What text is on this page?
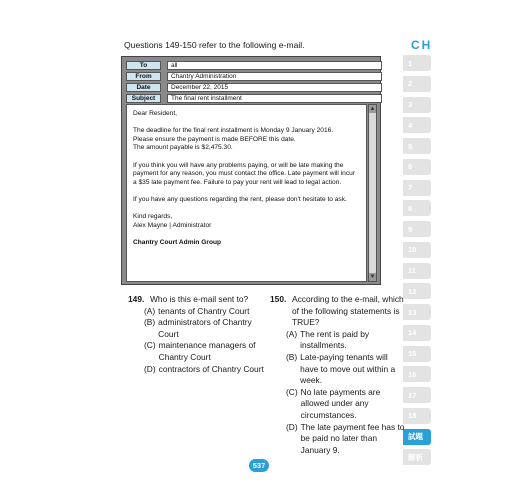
Questions 149-150 refer to the following e-mail.	CH
1
2
3
4
5
6
7
8
9
10
11
12
13
14
15
16
17
18
試題
解析
To	all
From	Chantry Administration
Date	December 22, 2015
Subject	The final rent installment

Dear Resident,

The deadline for the final rent installment is Monday 9 January 2016.

Please ensure the payment is made BEFORE this date.

The amount payable is $2,475.30.

If you think you will have any problems paying, or will be late making the payment for any reason, you must contact the office. Late payment will incur a $35 late payment fee. Failure to pay your rent will lead to legal action.

If you have any questions regarding the rent, please don't hesitate to ask.

Kind regards,

Alex Mayne | Administrator

Chantry Court Admin Group

▲
▼
149. Who is this e-mail sent to?
(A) tenants of Chantry Court
(B) administrators of Chantry Court
(C) maintenance managers of Chantry Court
(D) contractors of Chantry Court
150. According to the e-mail, which of the following statements is TRUE?
(A) The rent is paid by installments.
(B) Late-paying tenants will have to move out within a week.
(C) No late payments are allowed under any circumstances.
(D) The late payment fee has to be paid no later than January 9.
537
